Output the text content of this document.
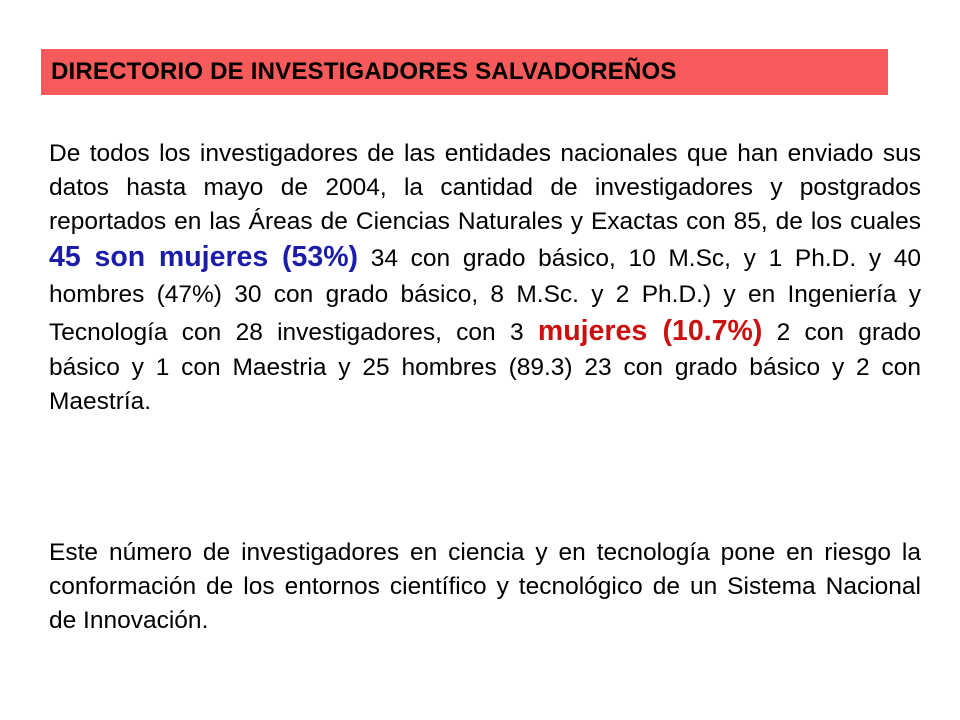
DIRECTORIO DE INVESTIGADORES SALVADOREÑOS

De todos los investigadores de las entidades nacionales que han enviado sus datos hasta mayo de 2004, la cantidad de investigadores y postgrados reportados en las Áreas de Ciencias Naturales y Exactas con 85, de los cuales 45 son mujeres (53%) 34 con grado básico, 10 M.Sc, y 1 Ph.D. y 40 hombres (47%) 30 con grado básico, 8 M.Sc. y 2 Ph.D.) y en Ingeniería y Tecnología con 28 investigadores, con 3 mujeres (10.7%) 2 con grado básico y 1 con Maestria y 25 hombres (89.3) 23 con grado básico y 2 con Maestría.

Este número de investigadores en ciencia y en tecnología pone en riesgo la conformación de los entornos científico y tecnológico de un Sistema Nacional de Innovación.
